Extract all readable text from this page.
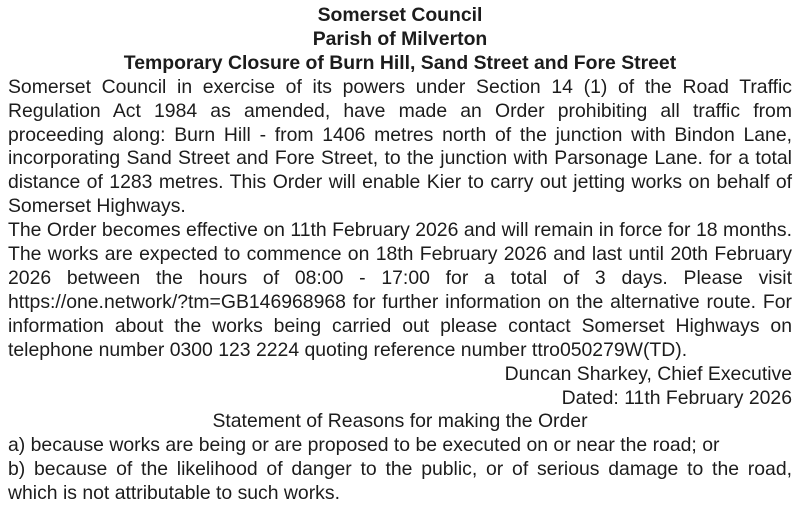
Somerset Council

Parish of Milverton

Temporary Closure of Burn Hill, Sand Street and Fore Street

Somerset Council in exercise of its powers under Section 14 (1) of the Road Traffic Regulation Act 1984 as amended, have made an Order prohibiting all traffic from proceeding along: Burn Hill - from 1406 metres north of the junction with Bindon Lane, incorporating Sand Street and Fore Street, to the junction with Parsonage Lane. for a total distance of 1283 metres. This Order will enable Kier to carry out jetting works on behalf of Somerset Highways.

The Order becomes effective on 11th February 2026 and will remain in force for 18 months. The works are expected to commence on 18th February 2026 and last until 20th February 2026 between the hours of 08:00 - 17:00 for a total of 3 days. Please visit https://one.network/?tm=GB146968968 for further information on the alternative route. For information about the works being carried out please contact Somerset Highways on telephone number 0300 123 2224 quoting reference number ttro050279W(TD).

Duncan Sharkey, Chief Executive

Dated: 11th February 2026

Statement of Reasons for making the Order

a) because works are being or are proposed to be executed on or near the road; or

b) because of the likelihood of danger to the public, or of serious damage to the road, which is not attributable to such works.
